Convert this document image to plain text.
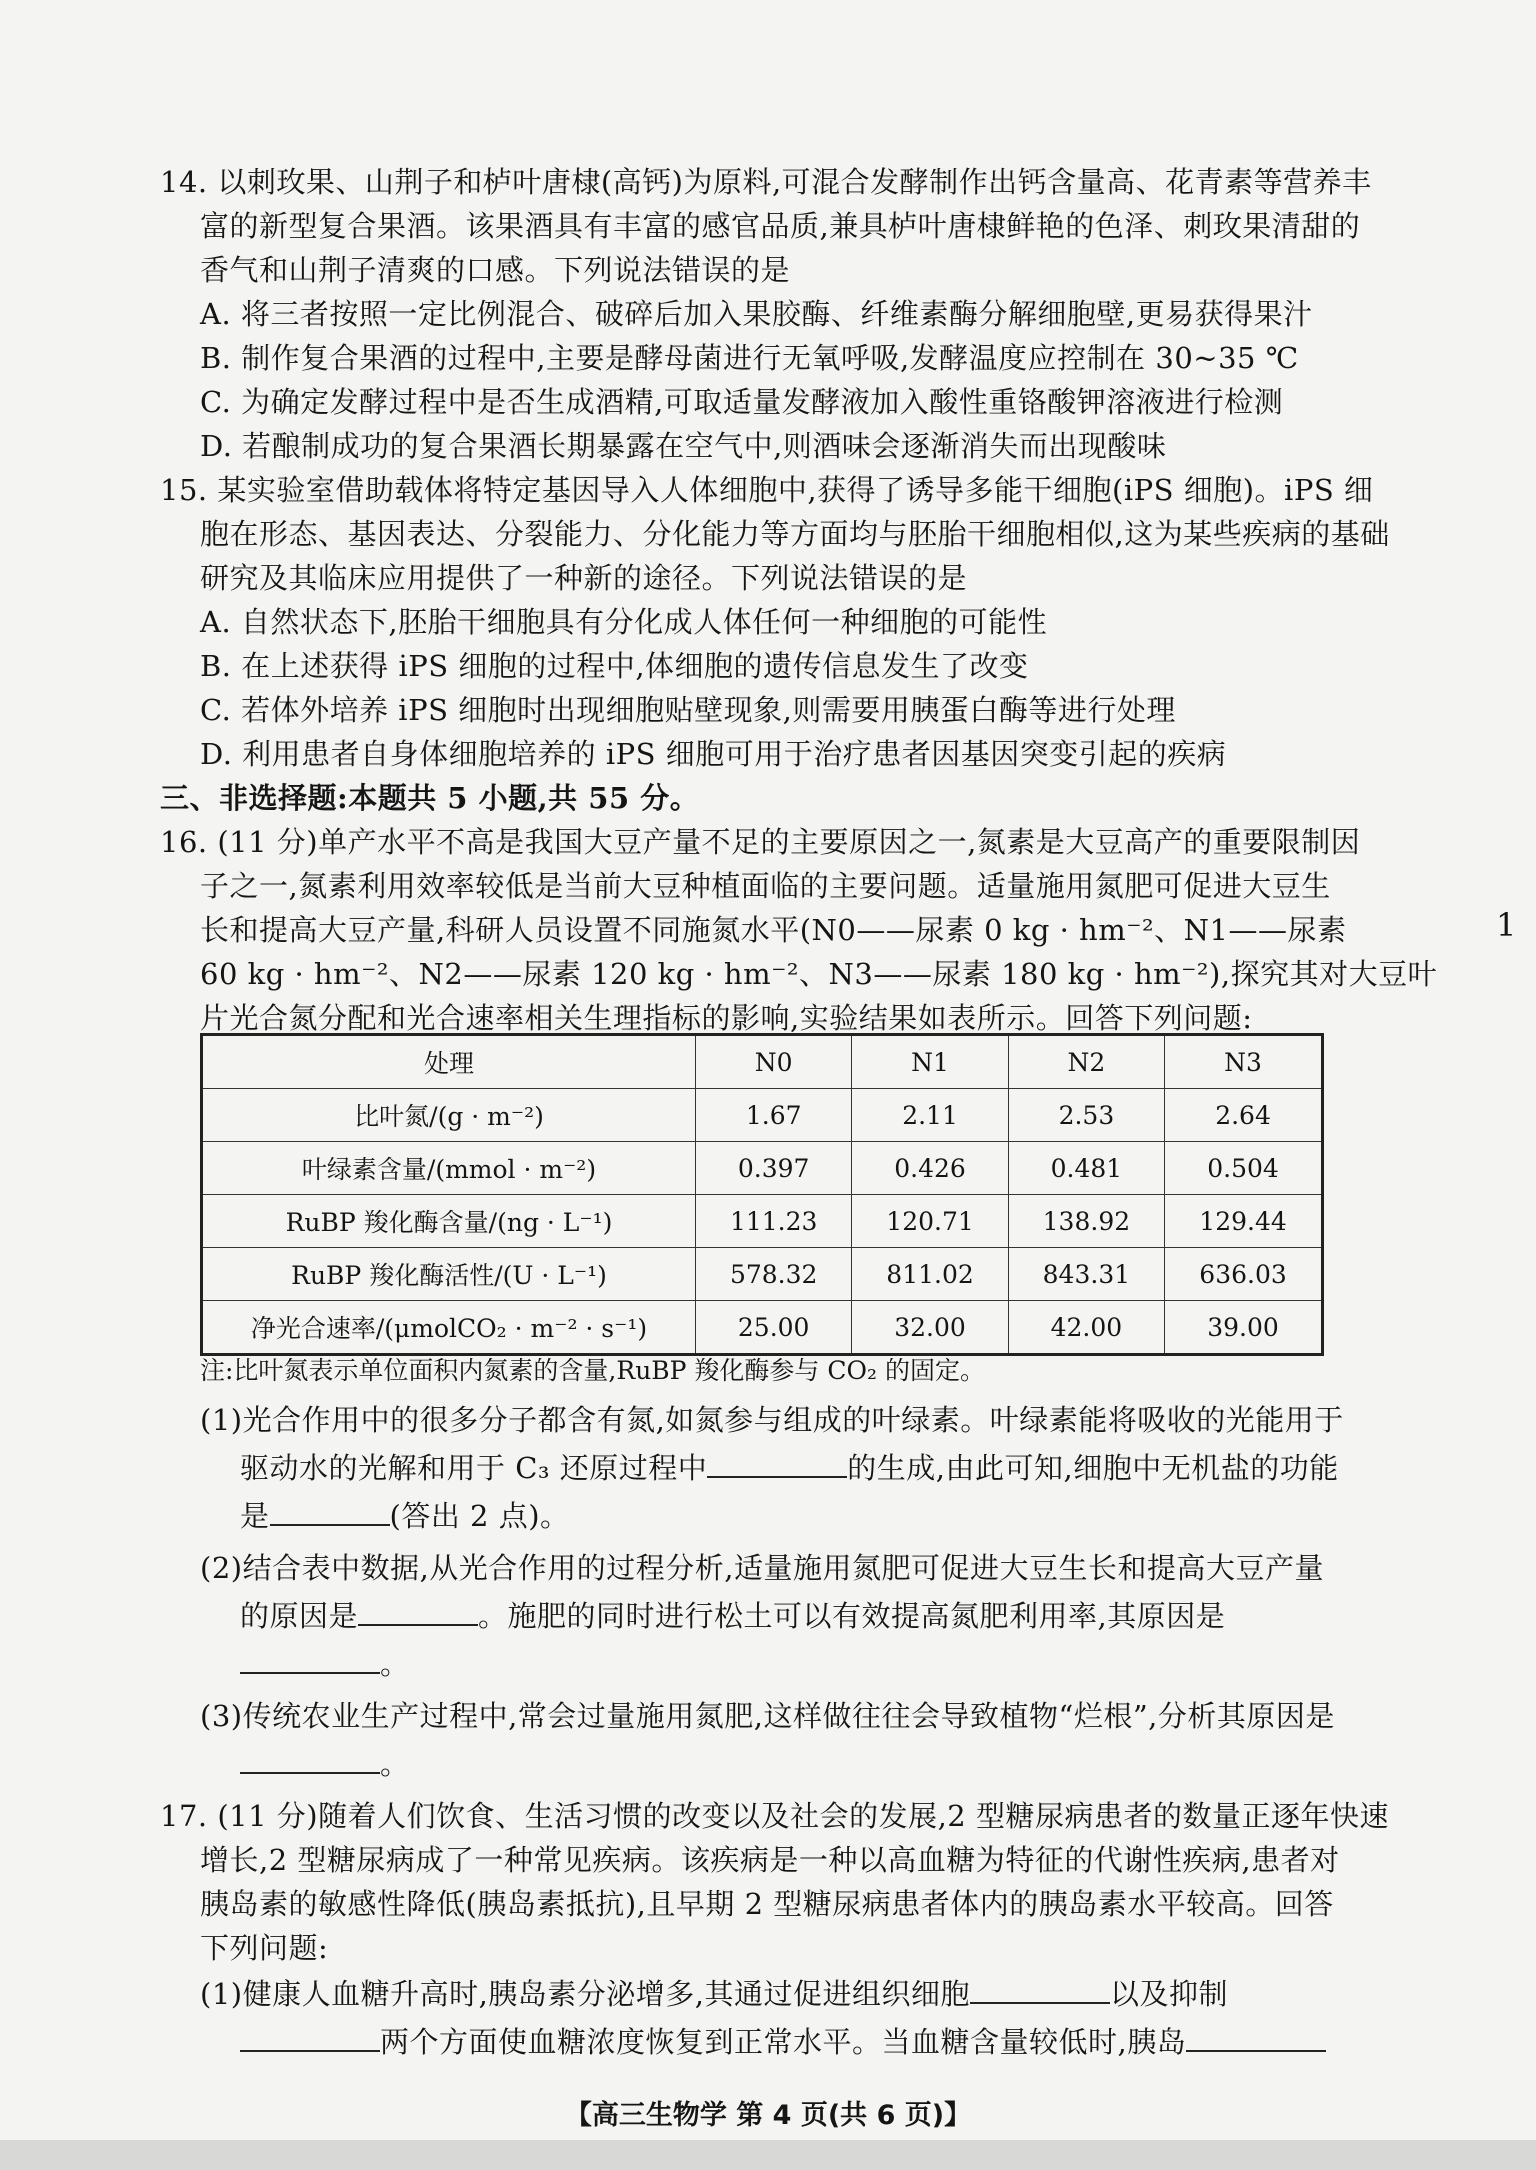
14. 以刺玫果、山荆子和栌叶唐棣(高钙)为原料,可混合发酵制作出钙含量高、花青素等营养丰
富的新型复合果酒。该果酒具有丰富的感官品质,兼具栌叶唐棣鲜艳的色泽、刺玫果清甜的
香气和山荆子清爽的口感。下列说法错误的是
A. 将三者按照一定比例混合、破碎后加入果胶酶、纤维素酶分解细胞壁,更易获得果汁
B. 制作复合果酒的过程中,主要是酵母菌进行无氧呼吸,发酵温度应控制在 30~35 ℃
C. 为确定发酵过程中是否生成酒精,可取适量发酵液加入酸性重铬酸钾溶液进行检测
D. 若酿制成功的复合果酒长期暴露在空气中,则酒味会逐渐消失而出现酸味
15. 某实验室借助载体将特定基因导入人体细胞中,获得了诱导多能干细胞(iPS 细胞)。iPS 细
胞在形态、基因表达、分裂能力、分化能力等方面均与胚胎干细胞相似,这为某些疾病的基础
研究及其临床应用提供了一种新的途径。下列说法错误的是
A. 自然状态下,胚胎干细胞具有分化成人体任何一种细胞的可能性
B. 在上述获得 iPS 细胞的过程中,体细胞的遗传信息发生了改变
C. 若体外培养 iPS 细胞时出现细胞贴壁现象,则需要用胰蛋白酶等进行处理
D. 利用患者自身体细胞培养的 iPS 细胞可用于治疗患者因基因突变引起的疾病
三、非选择题:本题共 5 小题,共 55 分。
16. (11 分)单产水平不高是我国大豆产量不足的主要原因之一,氮素是大豆高产的重要限制因
子之一,氮素利用效率较低是当前大豆种植面临的主要问题。适量施用氮肥可促进大豆生
长和提高大豆产量,科研人员设置不同施氮水平(N0——尿素 0 kg · hm⁻²、N1——尿素
60 kg · hm⁻²、N2——尿素 120 kg · hm⁻²、N3——尿素 180 kg · hm⁻²),探究其对大豆叶
片光合氮分配和光合速率相关生理指标的影响,实验结果如表所示。回答下列问题:
1
处理	N0	N1	N2	N3
比叶氮/(g · m⁻²)	1.67	2.11	2.53	2.64
叶绿素含量/(mmol · m⁻²)	0.397	0.426	0.481	0.504
RuBP 羧化酶含量/(ng · L⁻¹)	111.23	120.71	138.92	129.44
RuBP 羧化酶活性/(U · L⁻¹)	578.32	811.02	843.31	636.03
净光合速率/(μmolCO₂ · m⁻² · s⁻¹)	25.00	32.00	42.00	39.00
注:比叶氮表示单位面积内氮素的含量,RuBP 羧化酶参与 CO₂ 的固定。
(1)光合作用中的很多分子都含有氮,如氮参与组成的叶绿素。叶绿素能将吸收的光能用于
驱动水的光解和用于 C₃ 还原过程中	的生成,由此可知,细胞中无机盐的功能
是	(答出 2 点)。
(2)结合表中数据,从光合作用的过程分析,适量施用氮肥可促进大豆生长和提高大豆产量
的原因是	。施肥的同时进行松土可以有效提高氮肥利用率,其原因是
。
(3)传统农业生产过程中,常会过量施用氮肥,这样做往往会导致植物“烂根”,分析其原因是
。
17. (11 分)随着人们饮食、生活习惯的改变以及社会的发展,2 型糖尿病患者的数量正逐年快速
增长,2 型糖尿病成了一种常见疾病。该疾病是一种以高血糖为特征的代谢性疾病,患者对
胰岛素的敏感性降低(胰岛素抵抗),且早期 2 型糖尿病患者体内的胰岛素水平较高。回答
下列问题:
(1)健康人血糖升高时,胰岛素分泌增多,其通过促进组织细胞	以及抑制
两个方面使血糖浓度恢复到正常水平。当血糖含量较低时,胰岛
【高三生物学 第 4 页(共 6 页)】
